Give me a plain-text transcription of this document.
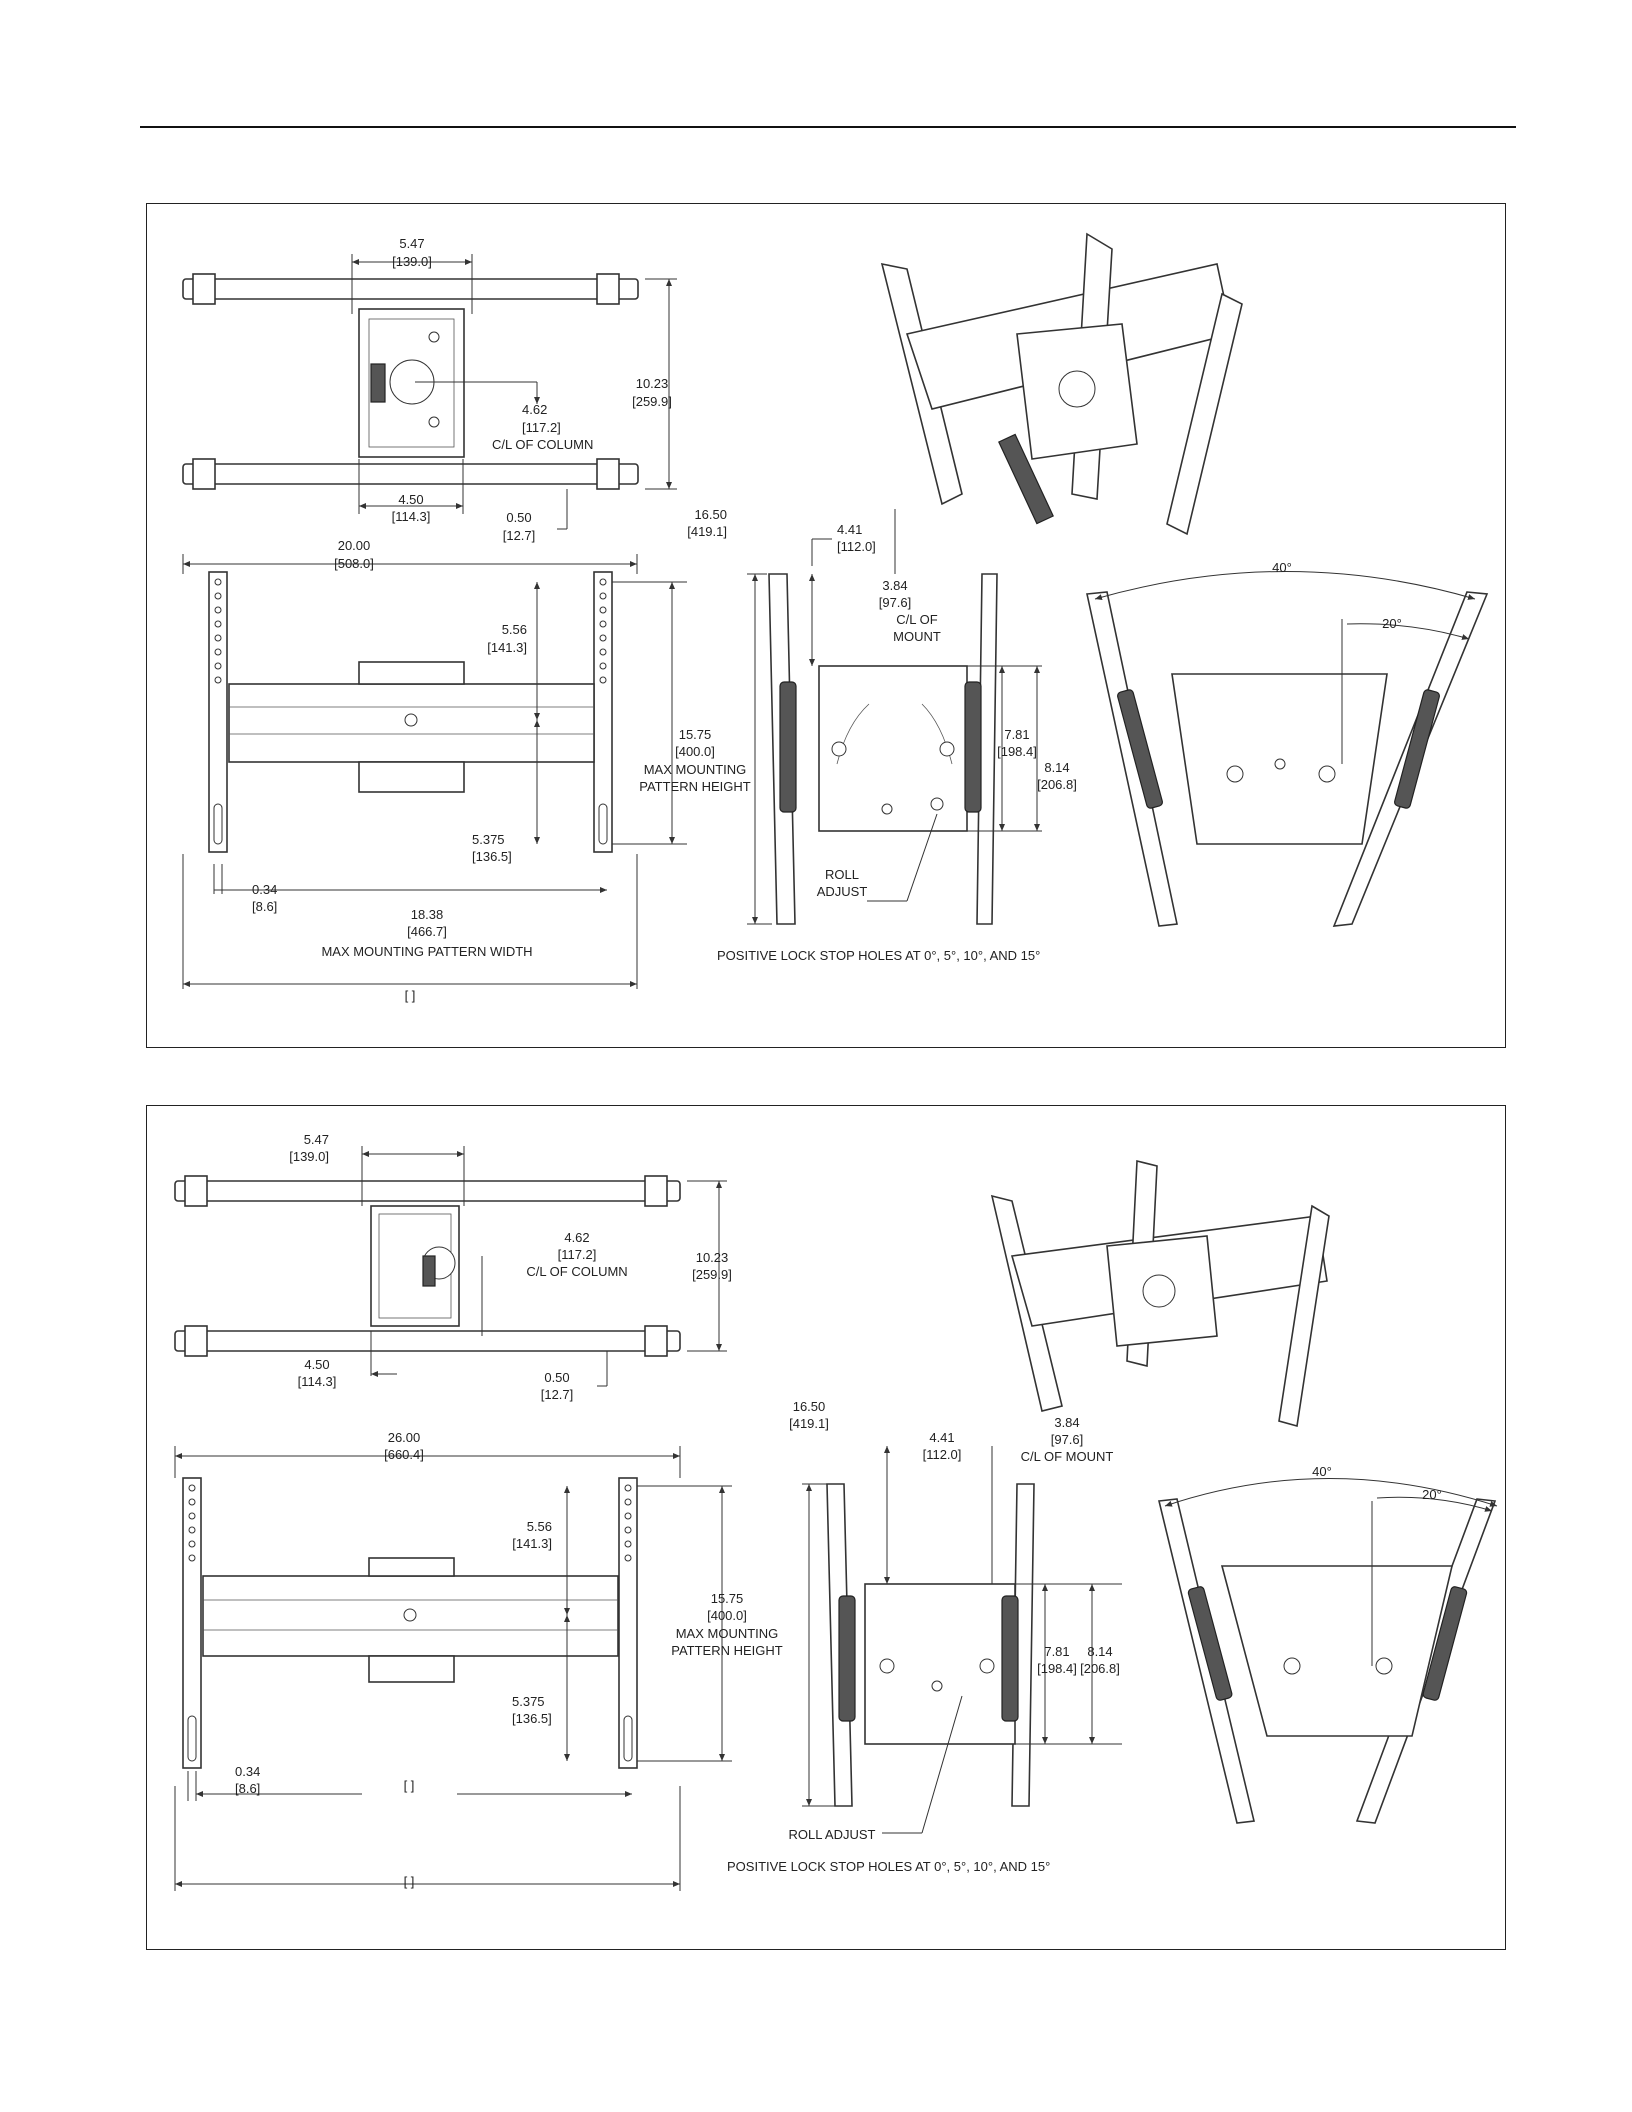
5.47
[139.0]
10.23
[259.9]
4.62
[117.2]
C/L OF COLUMN
4.50
[114.3]	0.50
[12.7]
20.00
[508.0]
5.56
[141.3]
15.75
[400.0]
MAX MOUNTING
PATTERN HEIGHT
5.375
[136.5]
0.34
[8.6]
18.38
[466.7]
MAX MOUNTING PATTERN WIDTH
[ ]
16.50
[419.1]	4.41
[112.0]
3.84
[97.6]
C/L OF
MOUNT
7.81
[198.4]
8.14
[206.8]
ROLL
ADJUST
POSITIVE LOCK STOP HOLES AT 0°, 5°, 10°, AND 15°
40°
20°
5.47
[139.0]
4.62
[117.2]
C/L OF COLUMN
10.23
[259.9]
4.50
[114.3]	0.50
[12.7]
26.00
[660.4]
5.56
[141.3]
15.75
[400.0]
MAX MOUNTING
PATTERN HEIGHT
5.375
[136.5]
0.34
[8.6]	[ ]
[ ]
16.50
[419.1]
4.41
[112.0]
3.84
[97.6]
C/L OF MOUNT
7.81
[198.4]
8.14
[206.8]
ROLL ADJUST
POSITIVE LOCK STOP HOLES AT 0°, 5°, 10°, AND 15°
40°
20°
